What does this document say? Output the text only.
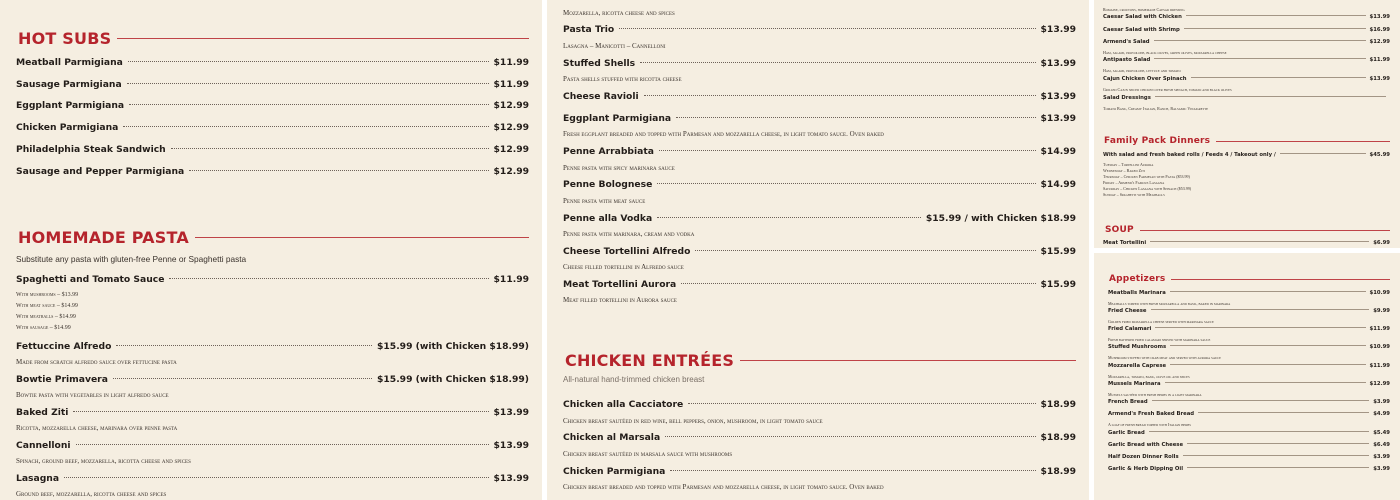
HOT SUBS
Meatball Parmigiana	$11.99
Sausage Parmigiana	$11.99
Eggplant Parmigiana	$12.99
Chicken Parmigiana	$12.99
Philadelphia Steak Sandwich	$12.99
Sausage and Pepper Parmigiana	$12.99
HOMEMADE PASTA
Substitute any pasta with gluten-free Penne or Spaghetti pasta
Spaghetti and Tomato Sauce	$11.99
With mushrooms – $13.99
With meat sauce – $14.99
With meatballs – $14.99
With sausage – $14.99
Fettuccine Alfredo	$15.99 (with Chicken $18.99)
Made from scratch alfredo sauce over fettucine pasta
Bowtie Primavera	$15.99 (with Chicken $18.99)
Bowtie pasta with vegetables in light alfredo sauce
Baked Ziti	$13.99
Ricotta, mozzarella cheese, marinara over penne pasta
Cannelloni	$13.99
Spinach, ground beef, mozzarella, ricotta cheese and spices
Lasagna	$13.99
Ground beef, mozzarella, ricotta cheese and spices
Mozzarella, ricotta cheese and spices
Pasta Trio	$13.99
Lasagna – Manicotti – Cannelloni
Stuffed Shells	$13.99
Pasta shells stuffed with ricotta cheese
Cheese Ravioli	$13.99
Eggplant Parmigiana	$13.99
Fresh eggplant breaded and topped with Parmesan and mozzarella cheese, in light tomato sauce. Oven baked
Penne Arrabbiata	$14.99
Penne pasta with spicy marinara sauce
Penne Bolognese	$14.99
Penne pasta with meat sauce
Penne alla Vodka	$15.99 / with Chicken $18.99
Penne pasta with marinara, cream and vodka
Cheese Tortellini Alfredo	$15.99
Cheese filled tortellini in Alfredo sauce
Meat Tortellini Aurora	$15.99
Meat filled tortellini in Aurora sauce
CHICKEN ENTRÉES
All-natural hand-trimmed chicken breast
Chicken alla Cacciatore	$18.99
Chicken breast sautéed in red wine, bell peppers, onion, mushroom, in light tomato sauce
Chicken al Marsala	$18.99
Chicken breast sautéed in marsala sauce with mushrooms
Chicken Parmigiana	$18.99
Chicken breast breaded and topped with Parmesan and mozzarella cheese, in light tomato sauce. Oven baked
Romaine, croutons, homemade Caesar dressing
Caesar Salad with Chicken	$13.99
Caesar Salad with Shrimp	$16.99
Armend's Salad	$12.99
Ham, salami, provolone, black olives, green olives, mozzarella cheese
Antipasto Salad	$11.99
Ham, salami, provolone, lettuce and tomato
Cajun Chicken Over Spinach	$13.99
Grilled Cajun spiced chicken over fresh spinach, tomato and black olives
Salad Dressings
Tomato Basil, Creamy Italian, Ranch, Balsamic Vinaigrette
Family Pack Dinners
With salad and fresh baked rolls / Feeds 4 / Takeout only /	$45.99
Tuesday – Tortellini Aurora
Wednesday – Baked Ziti
Thursday – Chicken Parmesan with Pasta ($53.99)
Friday – Armend's Famous Lasagna
Saturday – Chicken Lasagna with Spinach ($53.99)
Sunday – Spaghetti with Meatballs
SOUP
Meat Tortellini	$6.99
Appetizers
Meatballs Marinara	$10.99
Meatballs topped with fresh mozzarella and basil, baked in marinara
Fried Cheese	$9.99
Golden fried mozzarella cheese served with marinara sauce
Fried Calamari	$11.99
Fresh battered fried calamari served with marinara sauce
Stuffed Mushrooms	$10.99
Mushroom stuffed with crab meat and served with aurora sauce
Mozzarella Caprese	$11.99
Mozzarella, tomato, basil, olive oil and spices
Mussels Marinara	$12.99
Mussels sautéed with fresh herbs in a light marinara
French Bread	$3.99
Armend's Fresh Baked Bread	$4.99
A loaf of fresh bread topped with Italian herbs
Garlic Bread	$5.49
Garlic Bread with Cheese	$6.49
Half Dozen Dinner Rolls	$3.99
Garlic & Herb Dipping Oil	$3.99
